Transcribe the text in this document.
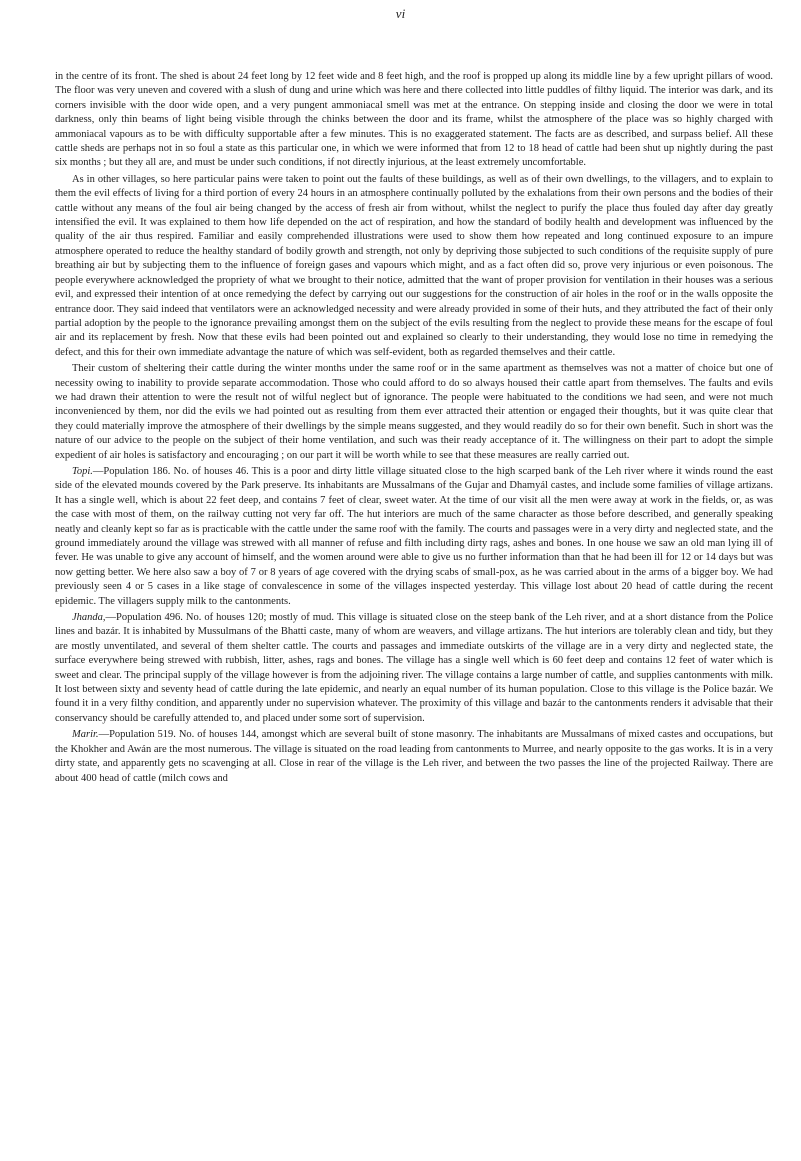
vi

in the centre of its front. The shed is about 24 feet long by 12 feet wide and 8 feet high, and the roof is propped up along its middle line by a few upright pillars of wood. The floor was very uneven and covered with a slush of dung and urine which was here and there collected into little puddles of filthy liquid. The interior was dark, and its corners invisible with the door wide open, and a very pungent ammoniacal smell was met at the entrance. On stepping inside and closing the door we were in total darkness, only thin beams of light being visible through the chinks between the door and its frame, whilst the atmosphere of the place was so highly charged with ammoniacal vapours as to be with difficulty supportable after a few minutes. This is no exaggerated statement. The facts are as described, and surpass belief. All these cattle sheds are perhaps not in so foul a state as this particular one, in which we were informed that from 12 to 18 head of cattle had been shut up nightly during the past six months ; but they all are, and must be under such conditions, if not directly injurious, at the least extremely uncomfortable.

As in other villages, so here particular pains were taken to point out the faults of these buildings, as well as of their own dwellings, to the villagers, and to explain to them the evil effects of living for a third portion of every 24 hours in an atmosphere continually polluted by the exhalations from their own persons and the bodies of their cattle without any means of the foul air being changed by the access of fresh air from without, whilst the neglect to purify the place thus fouled day after day greatly intensified the evil. It was explained to them how life depended on the act of respiration, and how the standard of bodily health and development was influenced by the quality of the air thus respired. Familiar and easily comprehended illustrations were used to show them how repeated and long continued exposure to an impure atmosphere operated to reduce the healthy standard of bodily growth and strength, not only by depriving those subjected to such conditions of the requisite supply of pure breathing air but by subjecting them to the influence of foreign gases and vapours which might, and as a fact often did so, prove very injurious or even poisonous. The people everywhere acknowledged the propriety of what we brought to their notice, admitted that the want of proper provision for ventilation in their houses was a serious evil, and expressed their intention of at once remedying the defect by carrying out our suggestions for the construction of air holes in the roof or in the walls opposite the entrance door. They said indeed that ventilators were an acknowledged necessity and were already provided in some of their huts, and they attributed the fact of their only partial adoption by the people to the ignorance prevailing amongst them on the subject of the evils resulting from the neglect to provide these means for the escape of foul air and its replacement by fresh. Now that these evils had been pointed out and explained so clearly to their understanding, they would lose no time in remedying the defect, and this for their own immediate advantage the nature of which was self-evident, both as regarded themselves and their cattle.

Their custom of sheltering their cattle during the winter months under the same roof or in the same apartment as themselves was not a matter of choice but one of necessity owing to inability to provide separate accommodation. Those who could afford to do so always housed their cattle apart from themselves. The faults and evils we had drawn their attention to were the result not of wilful neglect but of ignorance. The people were habituated to the conditions we had seen, and were not much inconvenienced by them, nor did the evils we had pointed out as resulting from them ever attracted their attention or engaged their thoughts, but it was quite clear that they could materially improve the atmosphere of their dwellings by the simple means suggested, and they would readily do so for their own benefit. Such in short was the nature of our advice to the people on the subject of their home ventilation, and such was their ready acceptance of it. The willingness on their part to adopt the simple expedient of air holes is satisfactory and encouraging ; on our part it will be worth while to see that these measures are really carried out.

Topi.—Population 186. No. of houses 46. This is a poor and dirty little village situated close to the high scarped bank of the Leh river where it winds round the east side of the elevated mounds covered by the Park preserve. Its inhabitants are Mussalmans of the Gujar and Dhamyál castes, and include some families of village artizans. It has a single well, which is about 22 feet deep, and contains 7 feet of clear, sweet water. At the time of our visit all the men were away at work in the fields, or, as was the case with most of them, on the railway cutting not very far off. The hut interiors are much of the same character as those before described, and generally speaking neatly and cleanly kept so far as is practicable with the cattle under the same roof with the family. The courts and passages were in a very dirty and neglected state, and the ground immediately around the village was strewed with all manner of refuse and filth including dirty rags, ashes and bones. In one house we saw an old man lying ill of fever. He was unable to give any account of himself, and the women around were able to give us no further information than that he had been ill for 12 or 14 days but was now getting better. We here also saw a boy of 7 or 8 years of age covered with the drying scabs of small-pox, as he was carried about in the arms of a bigger boy. We had previously seen 4 or 5 cases in a like stage of convalescence in some of the villages inspected yesterday. This village lost about 20 head of cattle during the recent epidemic. The villagers supply milk to the cantonments.

Jhanda,—Population 496. No. of houses 120; mostly of mud. This village is situated close on the steep bank of the Leh river, and at a short distance from the Police lines and bazár. It is inhabited by Mussulmans of the Bhatti caste, many of whom are weavers, and village artizans. The hut interiors are tolerably clean and tidy, but they are mostly unventilated, and several of them shelter cattle. The courts and passages and immediate outskirts of the village are in a very dirty and neglected state, the surface everywhere being strewed with rubbish, litter, ashes, rags and bones. The village has a single well which is 60 feet deep and contains 12 feet of water which is sweet and clear. The principal supply of the village however is from the adjoining river. The village contains a large number of cattle, and supplies cantonments with milk. It lost between sixty and seventy head of cattle during the late epidemic, and nearly an equal number of its human population. Close to this village is the Police bazár. We found it in a very filthy condition, and apparently under no supervision whatever. The proximity of this village and bazár to the cantonments renders it advisable that their conservancy should be carefully attended to, and placed under some sort of supervision.

Marir.—Population 519. No. of houses 144, amongst which are several built of stone masonry. The inhabitants are Mussalmans of mixed castes and occupations, but the Khokher and Awán are the most numerous. The village is situated on the road leading from cantonments to Murree, and nearly opposite to the gas works. It is in a very dirty state, and apparently gets no scavenging at all. Close in rear of the village is the Leh river, and between the two passes the line of the projected Railway. There are about 400 head of cattle (milch cows and
